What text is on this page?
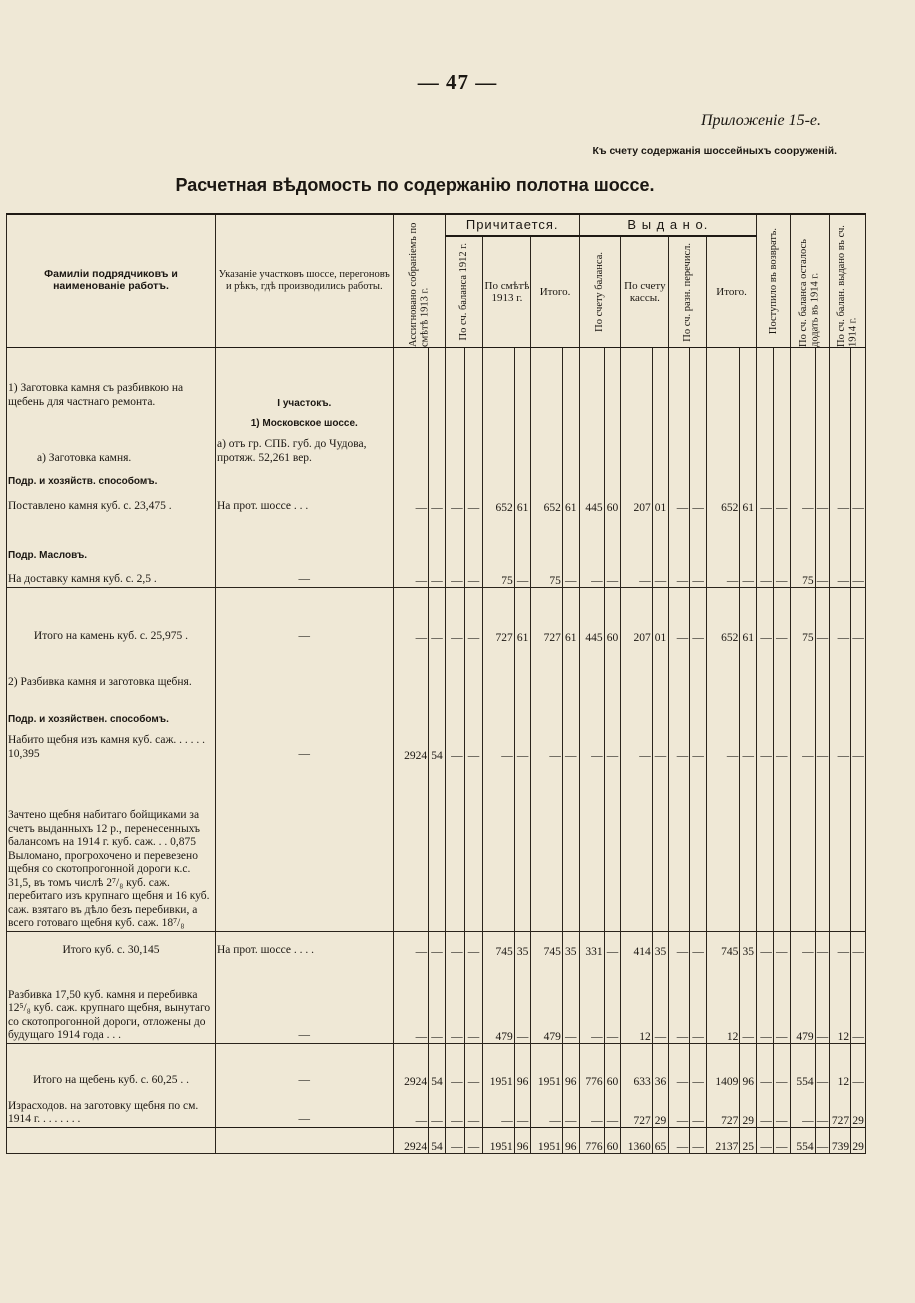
— 47 —
Приложеніе 15-е.
Къ счету содержанія шоссейныхъ сооруженій.
Расчетная вѣдомость по содержанію полотна шоссе.
Фамиліи подрядчиковъ и наименованіе работъ.	Указаніе участковъ шоссе, перегоновъ и рѣкъ, гдѣ производились работы.	Ассигновано собраніемъ по смѣтѣ 1913 г.		Причитается.						В ы д а н о.								Поступило въ возвратъ.		По сч. баланса осталось додать въ 1914 г.		По сч. балан. выдано въ сч. 1914 г.	

				По сч. баланса 1912 г.		По смѣтѣ 1913 г.		Итого.		По счету баланса.		По счету кассы.		По сч. разн. перечисл.		Итого.							
1) Заготовка камня съ разбивкою на щебень для частнаго ремонта.	I участокъ.																						
	1) Московское шоссе.																						
а) Заготовка камня.	а) отъ гр. СПБ. губ. до Чудова, протяж. 52,261 вер.																						
Подр. и хозяйств. способомъ.																							
Поставлено камня куб. с. 23,475 .	На прот. шоссе . . .	—	—	—	—	652	61	652	61	445	60	207	01	—	—	652	61	—	—	—	—	—	—
Подр. Масловъ.																							
На доставку камня куб. с. 2,5 .	—	—	—	—	—	75	—	75	—	—	—	—	—	—	—	—	—	—	—	75	—	—	—
Итого на камень куб. с. 25,975 .	—	—	—	—	—	727	61	727	61	445	60	207	01	—	—	652	61	—	—	75	—	—	—
2) Разбивка камня и заготовка щебня.																							
Подр. и хозяйствен. способомъ.																							
Набито щебня изъ камня куб. саж. . . . . . 10,395	—	2924	54	—	—	—	—	—	—	—	—	—	—	—	—	—	—	—	—	—	—	—	—
Зачтено щебня набитаго бойщиками за счетъ выданныхъ 12 р., перенесенныхъ балансомъ на 1914 г. куб. саж. . . 0,875 Выломано, прогрохочено и перевезено щебня со скотопрогонной дороги к.с. 31,5, въ томъ числѣ 2⁷/₈ куб. саж. перебитаго изъ крупнаго щебня и 16 куб. саж. взятаго въ дѣло безъ перебивки, а всего готоваго щебня куб. саж. 18⁷/₈																							
Итого куб. с. 30,145	На прот. шоссе . . . .	—	—	—	—	745	35	745	35	331	—	414	35	—	—	745	35	—	—	—	—	—	—
Разбивка 17,50 куб. камня и перебивка 12⁵/₈ куб. саж. крупнаго щебня, вынутаго со скотопрогонной дороги, отложены до будущаго 1914 года . . .	—	—	—	—	—	479	—	479	—	—	—	12	—	—	—	12	—	—	—	479	—	12	—
Итого на щебень куб. с. 60,25 . .	—	2924	54	—	—	1951	96	1951	96	776	60	633	36	—	—	1409	96	—	—	554	—	12	—
Израсходов. на заготовку щебня по см. 1914 г. . . . . . . .	—	—	—	—	—	—	—	—	—	—	—	727	29	—	—	727	29	—	—	—	—	727	29
		2924	54	—	—	1951	96	1951	96	776	60	1360	65	—	—	2137	25	—	—	554	—	739	29
